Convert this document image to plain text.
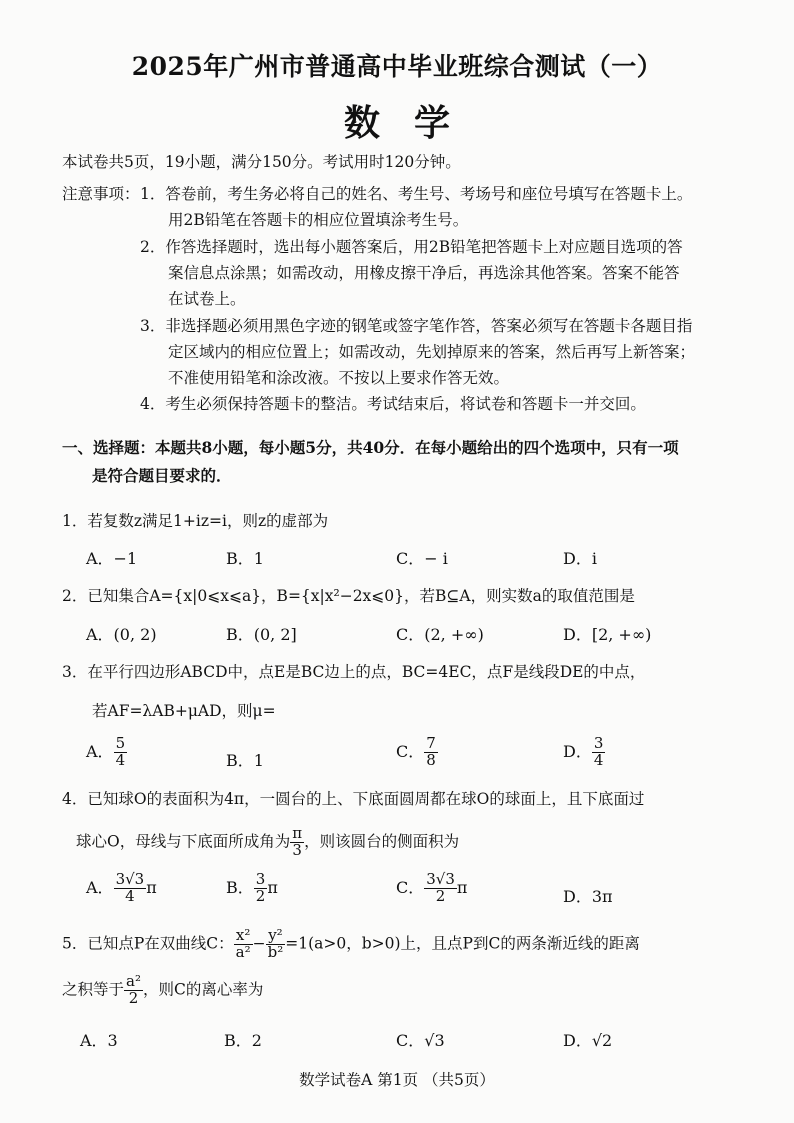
2025年广州市普通高中毕业班综合测试（一）
数学
本试卷共5页，19小题，满分150分。考试用时120分钟。
注意事项： 1．答卷前，考生务必将自己的姓名、考生号、考场号和座位号填写在答题卡上。
用2B铅笔在答题卡的相应位置填涂考生号。
2．作答选择题时，选出每小题答案后，用2B铅笔把答题卡上对应题目选项的答
案信息点涂黑；如需改动，用橡皮擦干净后，再选涂其他答案。答案不能答
在试卷上。
3．非选择题必须用黑色字迹的钢笔或签字笔作答，答案必须写在答题卡各题目指
定区域内的相应位置上；如需改动，先划掉原来的答案，然后再写上新答案；
不准使用铅笔和涂改液。不按以上要求作答无效。
4．考生必须保持答题卡的整洁。考试结束后，将试卷和答题卡一并交回。
一、选择题：本题共8小题，每小题5分，共40分．在每小题给出的四个选项中，只有一项
是符合题目要求的．
1．若复数z满足1+iz=i，则z的虚部为
A．−1	B．1	C．− i	D．i
2．已知集合A={x|0⩽x⩽a}，B={x|x²−2x⩽0}，若B⊆A，则实数a的取值范围是
A．(0, 2)	B．(0, 2]	C．(2, +∞)	D．[2, +∞)
3．在平行四边形ABCD中，点E是BC边上的点，BC=4EC，点F是线段DE的中点，
若AF=λAB+μAD，则μ=
A． $\frac{5}{4}$	B．1	C． $\frac{7}{8}$	D． $\frac{3}{4}$
4．已知球O的表面积为4π，一圆台的上、下底面圆周都在球O的球面上，且下底面过
球心O，母线与下底面所成角为 $\frac{\pi}{3}$ ，则该圆台的侧面积为
A． $\frac{3√3}{4}$ π	B． $\frac{3}{2}$ π	C． $\frac{3√3}{2}$ π	D．3π
5．已知点P在双曲线C： $\frac{\text{x²}}{\text{a²}} - \frac{\text{y²}}{\text{b²}} =1(a>0$，b>0)上，且点P到C的两条渐近线的距离
之积等于 $\frac{\text{a²}}{2}$ ，则C的离心率为
A．3	B．2	C．√3	D．√2
数学试卷A 第1页 （共5页）
